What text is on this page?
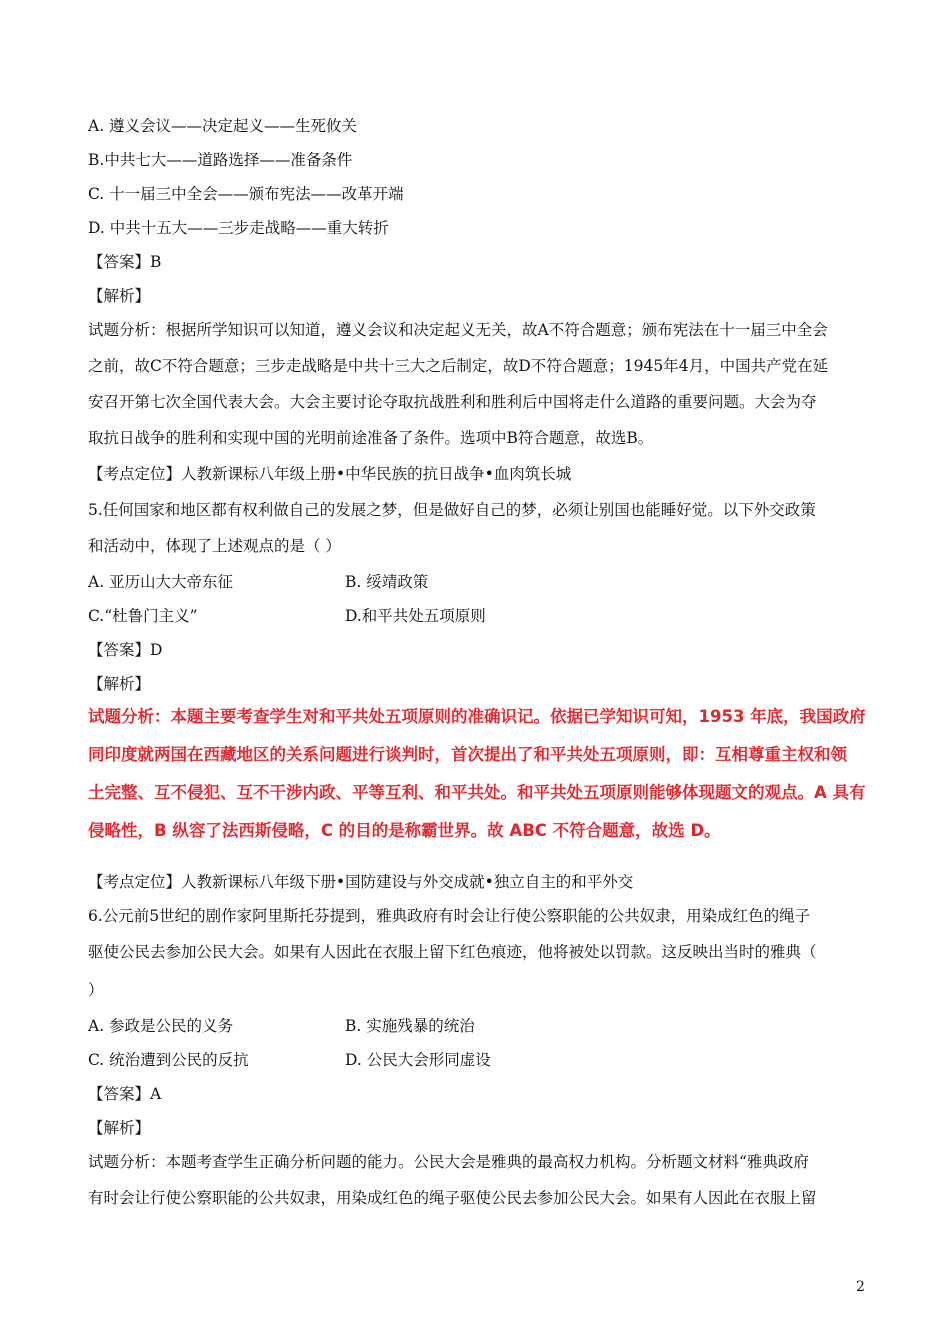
A. 遵义会议——决定起义——生死攸关
B.中共七大——道路选择——准备条件
C. 十一届三中全会——颁布宪法——改革开端
D. 中共十五大——三步走战略——重大转折
【答案】B
【解析】
试题分析：根据所学知识可以知道，遵义会议和决定起义无关，故A不符合题意；颁布宪法在十一届三中全会
之前，故C不符合题意；三步走战略是中共十三大之后制定，故D不符合题意；1945年4月，中国共产党在延
安召开第七次全国代表大会。大会主要讨论夺取抗战胜利和胜利后中国将走什么道路的重要问题。大会为夺
取抗日战争的胜利和实现中国的光明前途准备了条件。选项中B符合题意，故选B。
【考点定位】人教新课标八年级上册•中华民族的抗日战争•血肉筑长城
5.任何国家和地区都有权利做自己的发展之梦，但是做好自己的梦，必须让别国也能睡好觉。以下外交政策
和活动中，体现了上述观点的是（ ）
A. 亚历山大大帝东征	B. 绥靖政策
C.“杜鲁门主义”	D.和平共处五项原则
【答案】D
【解析】
试题分析：本题主要考查学生对和平共处五项原则的准确识记。依据已学知识可知，1953 年底，我国政府
同印度就两国在西藏地区的关系问题进行谈判时，首次提出了和平共处五项原则，即：互相尊重主权和领
土完整、互不侵犯、互不干涉内政、平等互利、和平共处。和平共处五项原则能够体现题文的观点。A 具有
侵略性，B 纵容了法西斯侵略，C 的目的是称霸世界。故 ABC 不符合题意，故选 D。
【考点定位】人教新课标八年级下册•国防建设与外交成就•独立自主的和平外交
6.公元前5世纪的剧作家阿里斯托芬提到，雅典政府有时会让行使公察职能的公共奴隶，用染成红色的绳子
驱使公民去参加公民大会。如果有人因此在衣服上留下红色痕迹，他将被处以罚款。这反映出当时的雅典（
）
A. 参政是公民的义务	B. 实施残暴的统治
C. 统治遭到公民的反抗	D. 公民大会形同虚设
【答案】A
【解析】
试题分析：本题考查学生正确分析问题的能力。公民大会是雅典的最高权力机构。分析题文材料“雅典政府
有时会让行使公察职能的公共奴隶，用染成红色的绳子驱使公民去参加公民大会。如果有人因此在衣服上留
2
